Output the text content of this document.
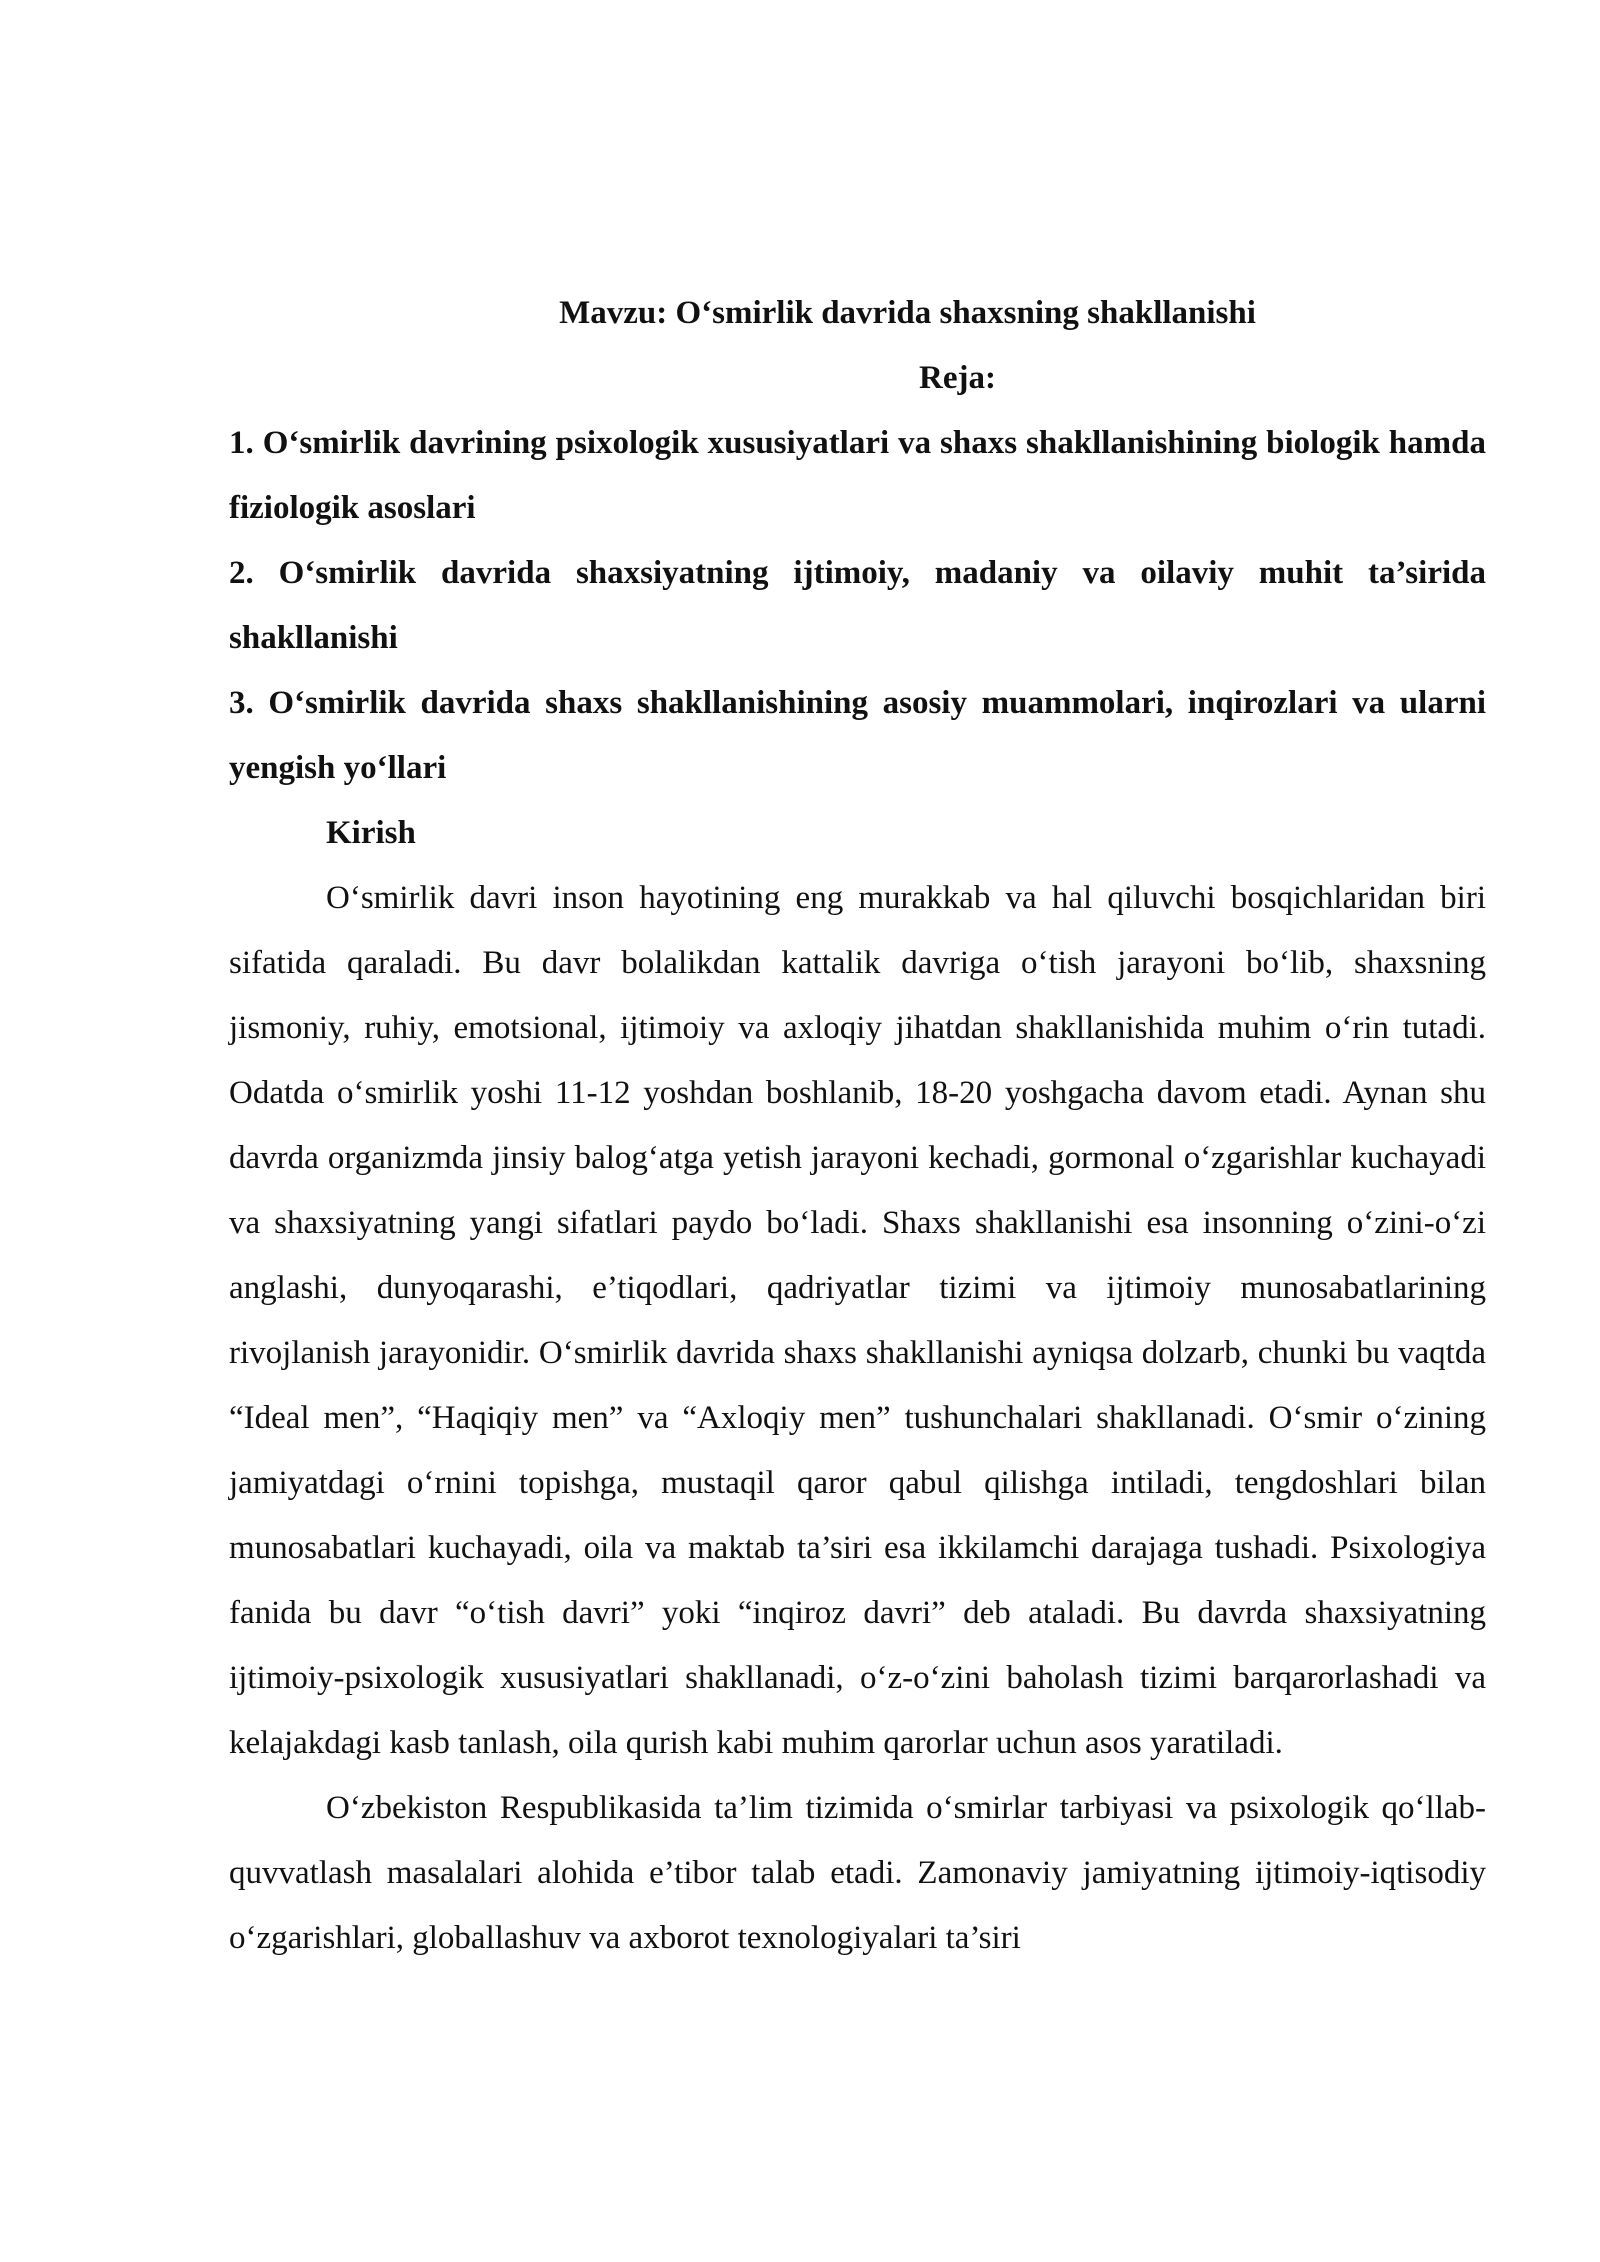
Mavzu: O‘smirlik davrida shaxsning shakllanishi

Reja:

1. O‘smirlik davrining psixologik xususiyatlari va shaxs shakllanishining biologik hamda fiziologik asoslari

2. O‘smirlik davrida shaxsiyatning ijtimoiy, madaniy va oilaviy muhit ta’sirida shakllanishi

3. O‘smirlik davrida shaxs shakllanishining asosiy muammolari, inqirozlari va ularni yengish yo‘llari

Kirish

O‘smirlik davri inson hayotining eng murakkab va hal qiluvchi bosqichlaridan biri sifatida qaraladi. Bu davr bolalikdan kattalik davriga o‘tish jarayoni bo‘lib, shaxsning jismoniy, ruhiy, emotsional, ijtimoiy va axloqiy jihatdan shakllanishida muhim o‘rin tutadi. Odatda o‘smirlik yoshi 11-12 yoshdan boshlanib, 18-20 yoshgacha davom etadi. Aynan shu davrda organizmda jinsiy balog‘atga yetish jarayoni kechadi, gormonal o‘zgarishlar kuchayadi va shaxsiyatning yangi sifatlari paydo bo‘ladi. Shaxs shakllanishi esa insonning o‘zini-o‘zi anglashi, dunyoqarashi, e’tiqodlari, qadriyatlar tizimi va ijtimoiy munosabatlarining rivojlanish jarayonidir. O‘smirlik davrida shaxs shakllanishi ayniqsa dolzarb, chunki bu vaqtda “Ideal men”, “Haqiqiy men” va “Axloqiy men” tushunchalari shakllanadi. O‘smir o‘zining jamiyatdagi o‘rnini topishga, mustaqil qaror qabul qilishga intiladi, tengdoshlari bilan munosabatlari kuchayadi, oila va maktab ta’siri esa ikkilamchi darajaga tushadi. Psixologiya fanida bu davr “o‘tish davri” yoki “inqiroz davri” deb ataladi. Bu davrda shaxsiyatning ijtimoiy-psixologik xususiyatlari shakllanadi, o‘z-o‘zini baholash tizimi barqarorlashadi va kelajakdagi kasb tanlash, oila qurish kabi muhim qarorlar uchun asos yaratiladi.

O‘zbekiston Respublikasida ta’lim tizimida o‘smirlar tarbiyasi va psixologik qo‘llab-quvvatlash masalalari alohida e’tibor talab etadi. Zamonaviy jamiyatning ijtimoiy-iqtisodiy o‘zgarishlari, globallashuv va axborot texnologiyalari ta’siri
